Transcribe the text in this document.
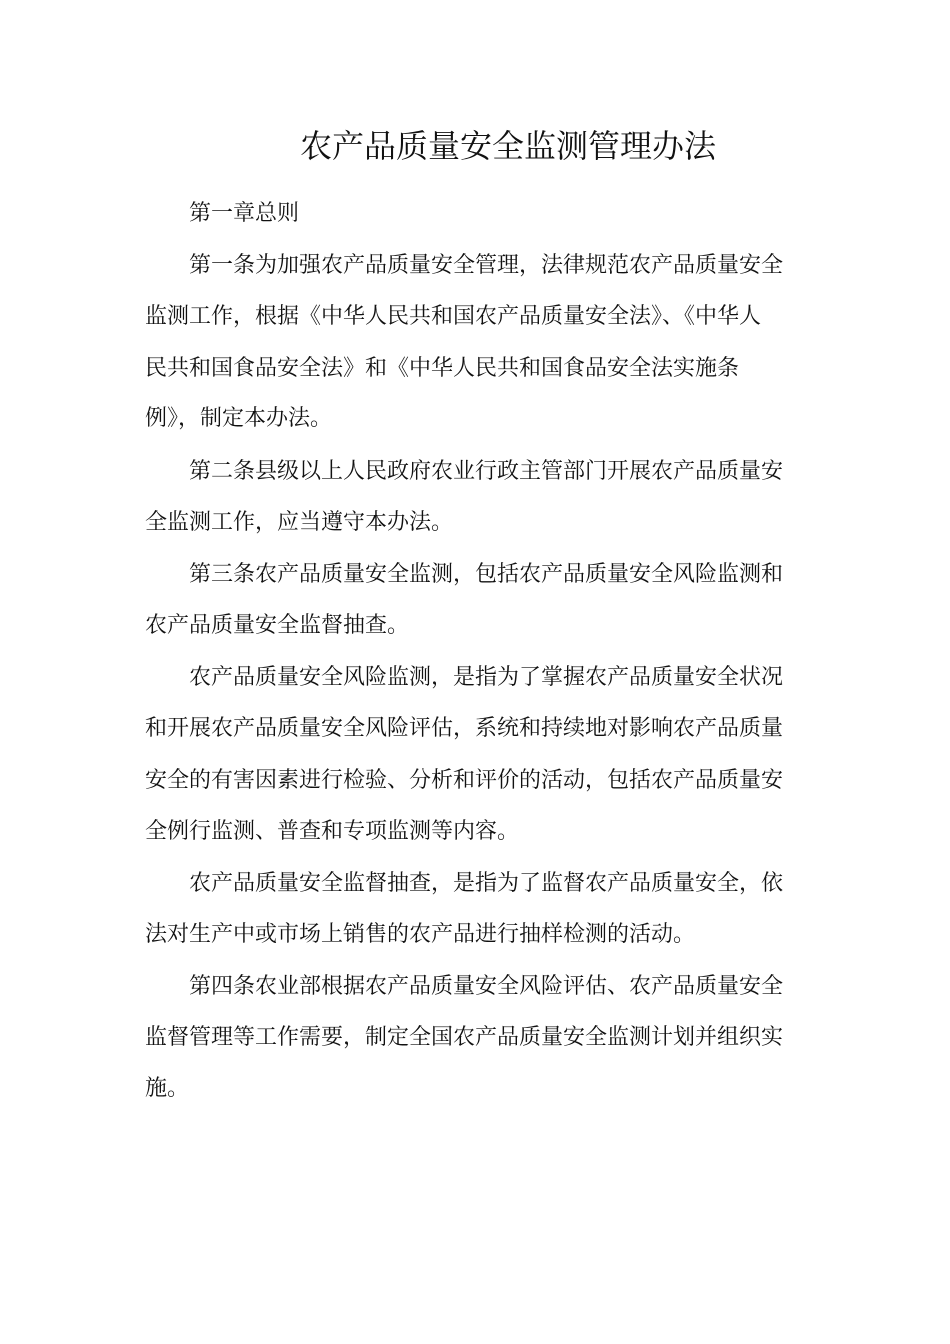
农产品质量安全监测管理办法
第一章总则
第一条为加强农产品质量安全管理，法律规范农产品质量安全
监测工作，根据《中华人民共和国农产品质量安全法》、《中华人
民共和国食品安全法》和《中华人民共和国食品安全法实施条
例》，制定本办法。
第二条县级以上人民政府农业行政主管部门开展农产品质量安
全监测工作，应当遵守本办法。
第三条农产品质量安全监测，包括农产品质量安全风险监测和
农产品质量安全监督抽查。
农产品质量安全风险监测，是指为了掌握农产品质量安全状况
和开展农产品质量安全风险评估，系统和持续地对影响农产品质量
安全的有害因素进行检验、分析和评价的活动，包括农产品质量安
全例行监测、普查和专项监测等内容。
农产品质量安全监督抽查，是指为了监督农产品质量安全，依
法对生产中或市场上销售的农产品进行抽样检测的活动。
第四条农业部根据农产品质量安全风险评估、农产品质量安全
监督管理等工作需要，制定全国农产品质量安全监测计划并组织实
施。
